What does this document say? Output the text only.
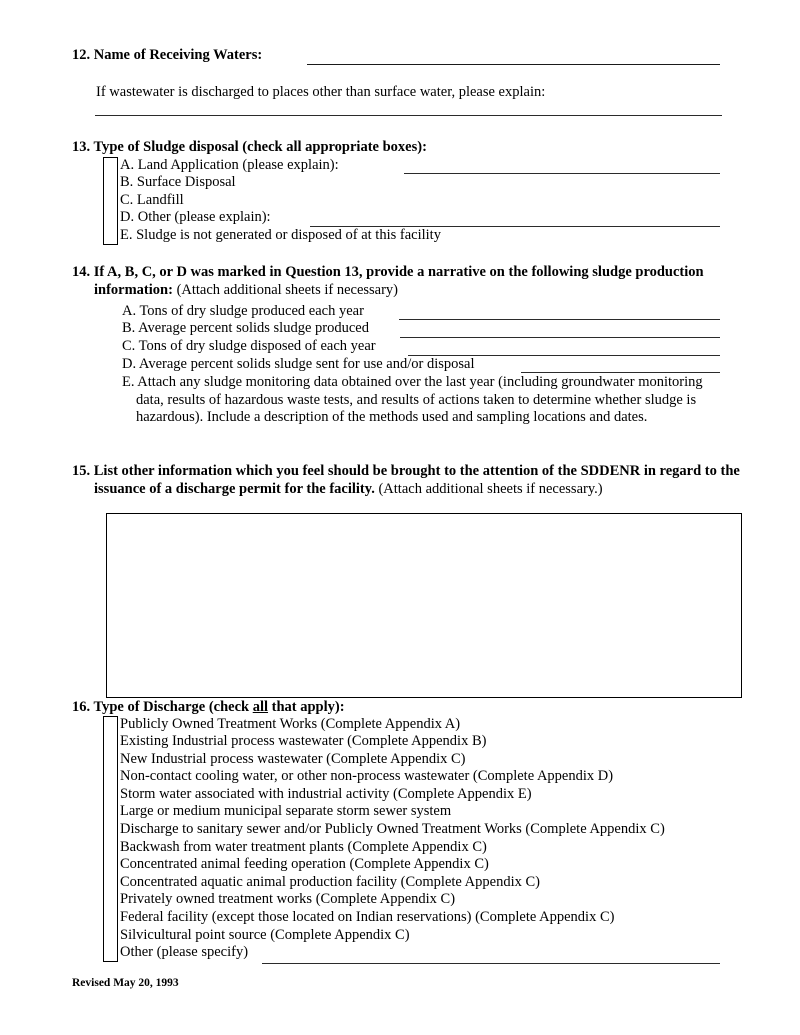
12. Name of Receiving Waters:
If wastewater is discharged to places other than surface water, please explain:
13. Type of Sludge disposal (check all appropriate boxes):
A. Land Application (please explain):
B. Surface Disposal
C. Landfill
D. Other (please explain):
E. Sludge is not generated or disposed of at this facility
14. If A, B, C, or D was marked in Question 13, provide a narrative on the following sludge production information: (Attach additional sheets if necessary)
A. Tons of dry sludge produced each year
B. Average percent solids sludge produced
C. Tons of dry sludge disposed of each year
D. Average percent solids sludge sent for use and/or disposal
E. Attach any sludge monitoring data obtained over the last year (including groundwater monitoring data, results of hazardous waste tests, and results of actions taken to determine whether sludge is hazardous). Include a description of the methods used and sampling locations and dates.
15. List other information which you feel should be brought to the attention of the SDDENR in regard to the issuance of a discharge permit for the facility. (Attach additional sheets if necessary.)
16. Type of Discharge (check all that apply):
Publicly Owned Treatment Works (Complete Appendix A)
Existing Industrial process wastewater (Complete Appendix B)
New Industrial process wastewater (Complete Appendix C)
Non-contact cooling water, or other non-process wastewater (Complete Appendix D)
Storm water associated with industrial activity (Complete Appendix E)
Large or medium municipal separate storm sewer system
Discharge to sanitary sewer and/or Publicly Owned Treatment Works (Complete Appendix C)
Backwash from water treatment plants (Complete Appendix C)
Concentrated animal feeding operation (Complete Appendix C)
Concentrated aquatic animal production facility (Complete Appendix C)
Privately owned treatment works (Complete Appendix C)
Federal facility (except those located on Indian reservations) (Complete Appendix C)
Silvicultural point source (Complete Appendix C)
Other (please specify)
Revised May 20, 1993
